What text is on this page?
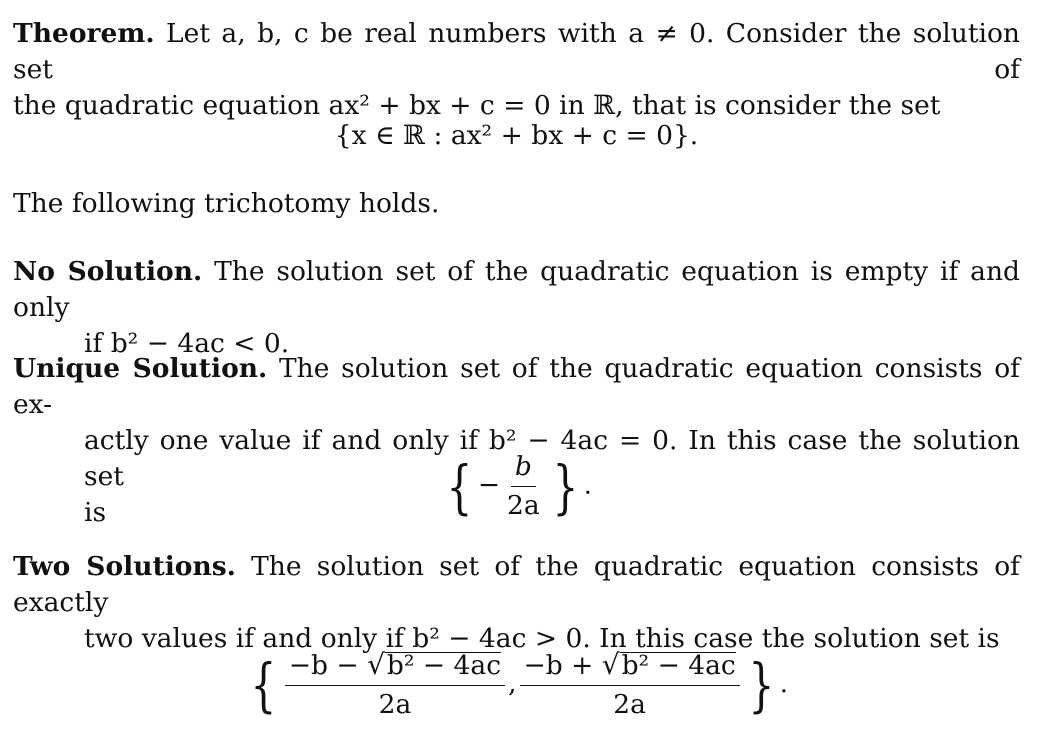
Theorem. Let a, b, c be real numbers with a ≠ 0. Consider the solution set of
the quadratic equation ax² + bx + c = 0 in ℝ, that is consider the set
{x ∈ ℝ : ax² + bx + c = 0}.
The following trichotomy holds.
No Solution. The solution set of the quadratic equation is empty if and only
if b² − 4ac < 0.
Unique Solution. The solution set of the quadratic equation consists of ex-
actly one value if and only if b² − 4ac = 0. In this case the solution set
is	{ − $\frac{b}{2a}$ } .
Two Solutions. The solution set of the quadratic equation consists of exactly
two values if and only if b² − 4ac > 0. In this case the solution set is
{ $\frac{\text{−b − √b² − 4ac}}{2a}$ , $\frac{\text{−b + √b² − 4ac}}{2a}$ } .
